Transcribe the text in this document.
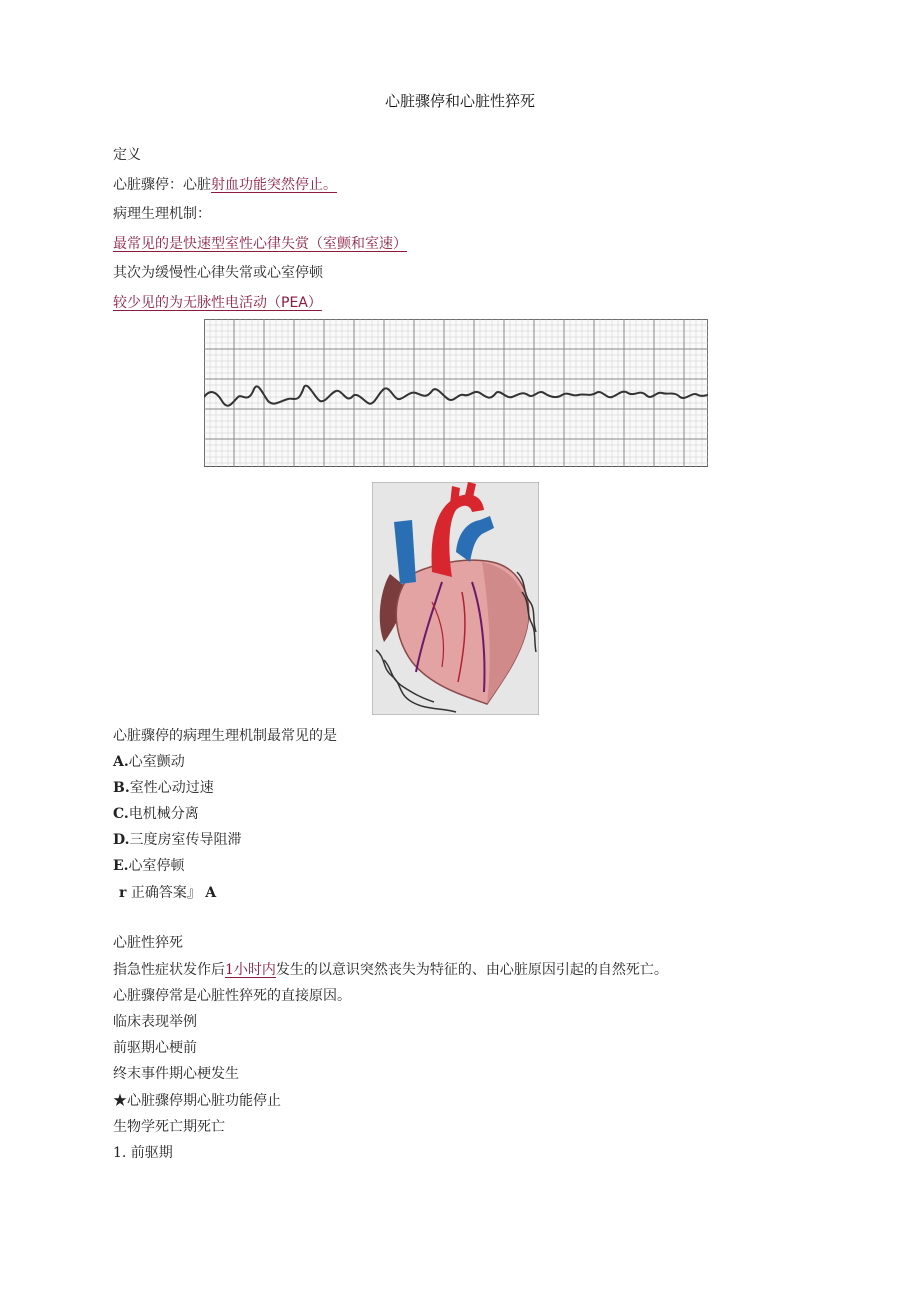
心脏骤停和心脏性猝死
定义
心脏骤停：心脏射血功能突然停止。
病理生理机制：
最常见的是快速型室性心律失赏（室颤和室速）
其次为缓慢性心律失常或心室停顿
较少见的为无脉性电活动（PEA）
心脏骤停的病理生理机制最常见的是
A.心室颤动
B.室性心动过速
C.电机械分离
D.三度房室传导阻滞
E.心室停顿
r 正确答案』 A
心脏性猝死
指急性症状发作后1小时内发生的以意识突然丧失为特征的、由心脏原因引起的自然死亡。
心脏骤停常是心脏性猝死的直接原因。
临床表现举例
前驱期心梗前
终末事件期心梗发生
★心脏骤停期心脏功能停止
生物学死亡期死亡
1. 前驱期
